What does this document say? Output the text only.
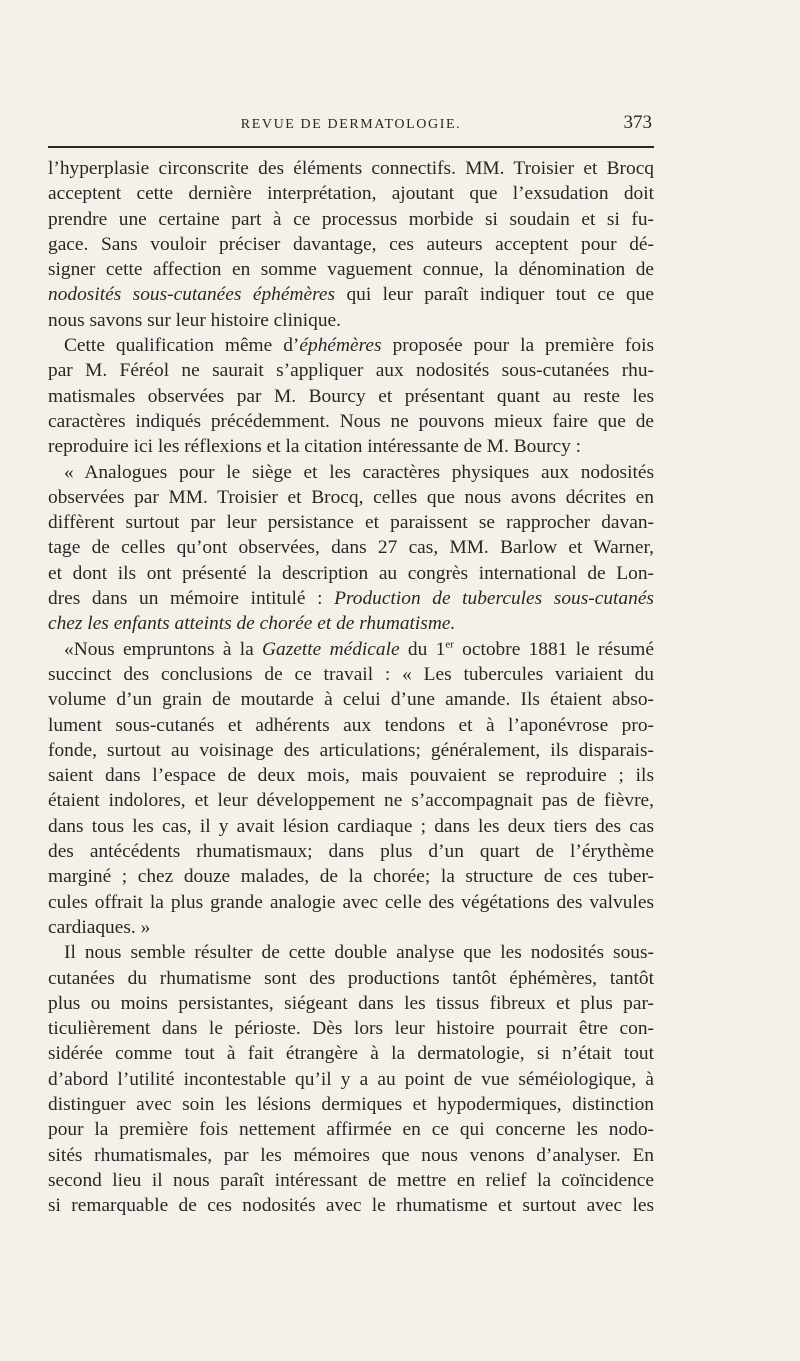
REVUE DE DERMATOLOGIE.	373
l’hyperplasie circonscrite des éléments connectifs. MM. Troisier et Brocq
acceptent cette dernière interprétation, ajoutant que l’exsudation doit
prendre une certaine part à ce processus morbide si soudain et si fu-
gace. Sans vouloir préciser davantage, ces auteurs acceptent pour dé-
signer cette affection en somme vaguement connue, la dénomination de
nodosités sous-cutanées éphémères qui leur paraît indiquer tout ce que
nous savons sur leur histoire clinique.
Cette qualification même d’éphémères proposée pour la première fois
par M. Féréol ne saurait s’appliquer aux nodosités sous-cutanées rhu-
matismales observées par M. Bourcy et présentant quant au reste les
caractères indiqués précédemment. Nous ne pouvons mieux faire que de
reproduire ici les réflexions et la citation intéressante de M. Bourcy :
« Analogues pour le siège et les caractères physiques aux nodosités
observées par MM. Troisier et Brocq, celles que nous avons décrites en
diffèrent surtout par leur persistance et paraissent se rapprocher davan-
tage de celles qu’ont observées, dans 27 cas, MM. Barlow et Warner,
et dont ils ont présenté la description au congrès international de Lon-
dres dans un mémoire intitulé : Production de tubercules sous-cutanés
chez les enfants atteints de chorée et de rhumatisme.
«Nous empruntons à la Gazette médicale du 1er octobre 1881 le résumé
succinct des conclusions de ce travail : « Les tubercules variaient du
volume d’un grain de moutarde à celui d’une amande. Ils étaient abso-
lument sous-cutanés et adhérents aux tendons et à l’aponévrose pro-
fonde, surtout au voisinage des articulations; généralement, ils disparais-
saient dans l’espace de deux mois, mais pouvaient se reproduire ; ils
étaient indolores, et leur développement ne s’accompagnait pas de fièvre,
dans tous les cas, il y avait lésion cardiaque ; dans les deux tiers des cas
des antécédents rhumatismaux; dans plus d’un quart de l’érythème
marginé ; chez douze malades, de la chorée; la structure de ces tuber-
cules offrait la plus grande analogie avec celle des végétations des valvules
cardiaques. »
Il nous semble résulter de cette double analyse que les nodosités sous-
cutanées du rhumatisme sont des productions tantôt éphémères, tantôt
plus ou moins persistantes, siégeant dans les tissus fibreux et plus par-
ticulièrement dans le périoste. Dès lors leur histoire pourrait être con-
sidérée comme tout à fait étrangère à la dermatologie, si n’était tout
d’abord l’utilité incontestable qu’il y a au point de vue séméiologique, à
distinguer avec soin les lésions dermiques et hypodermiques, distinction
pour la première fois nettement affirmée en ce qui concerne les nodo-
sités rhumatismales, par les mémoires que nous venons d’analyser. En
second lieu il nous paraît intéressant de mettre en relief la coïncidence
si remarquable de ces nodosités avec le rhumatisme et surtout avec les
